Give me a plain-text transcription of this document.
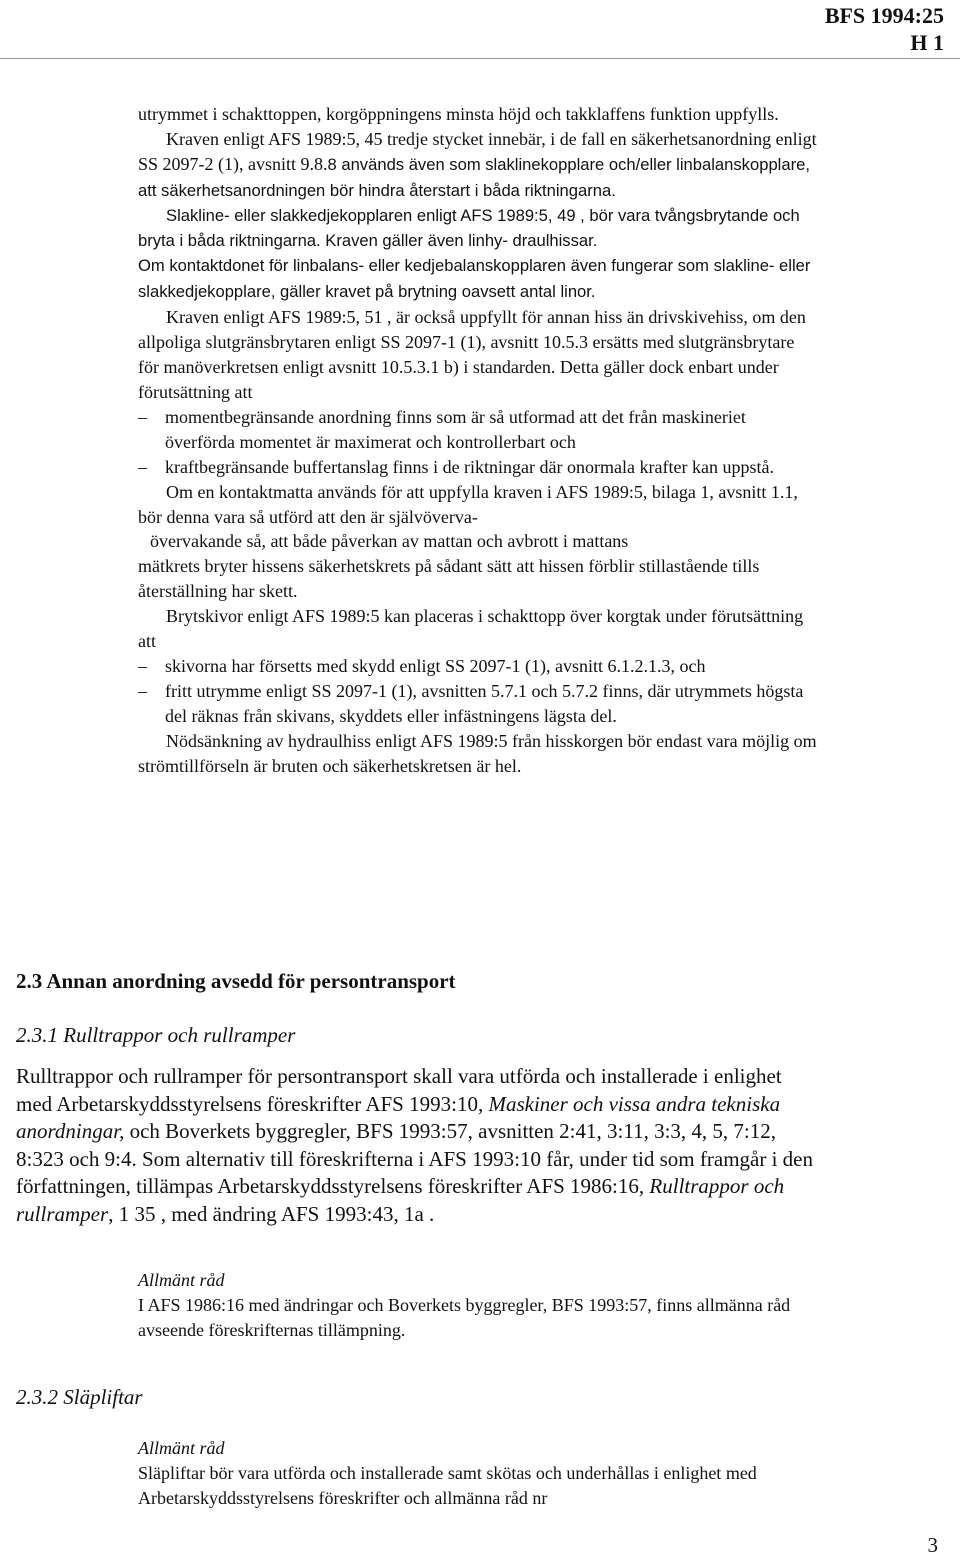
BFS 1994:25
H 1

utrymmet i schakttoppen, korgöppningens minsta höjd och takklaffens funktion uppfylls.

Kraven enligt AFS 1989:5, 45 tredje stycket innebär, i de fall en säkerhetsanordning enligt SS 2097-2 (1), avsnitt 9.8.8 används även som slaklinekopplare och/eller linbalanskopplare, att säkerhetsanordningen bör hindra återstart i båda riktningarna.

Slakline- eller slakkedjekopplaren enligt AFS 1989:5, 49 , bör vara tvångsbrytande och bryta i båda riktningarna. Kraven gäller även linhy- draulhissar.

Om kontaktdonet för linbalans- eller kedjebalanskopplaren även fungerar som slakline- eller slakkedjekopplare, gäller kravet på brytning oavsett antal linor.

Kraven enligt AFS 1989:5, 51 , är också uppfyllt för annan hiss än drivskivehiss, om den allpoliga slutgränsbrytaren enligt SS 2097-1 (1), avsnitt 10.5.3 ersätts med slutgränsbrytare för manöverkretsen enligt avsnitt 10.5.3.1 b) i standarden. Detta gäller dock enbart under förutsättning att

– momentbegränsande anordning finns som är så utformad att det från maskineriet överförda momentet är maximerat och kontrollerbart och

– kraftbegränsande buffertanslag finns i de riktningar där onormala krafter kan uppstå.

Om en kontaktmatta används för att uppfylla kraven i AFS 1989:5, bilaga 1, avsnitt 1.1, bör denna vara så utförd att den är självöverva-

övervakande så, att både påverkan av mattan och avbrott i mattans

mätkrets bryter hissens säkerhetskrets på sådant sätt att hissen förblir stillastående tills återställning har skett.

Brytskivor enligt AFS 1989:5 kan placeras i schakttopp över korgtak under förutsättning att

– skivorna har försetts med skydd enligt SS 2097-1 (1), avsnitt 6.1.2.1.3, och

– fritt utrymme enligt SS 2097-1 (1), avsnitten 5.7.1 och 5.7.2 finns, där utrymmets högsta del räknas från skivans, skyddets eller infästningens lägsta del.

Nödsänkning av hydraulhiss enligt AFS 1989:5 från hisskorgen bör endast vara möjlig om strömtillförseln är bruten och säkerhetskretsen är hel.

2.3 Annan anordning avsedd för persontransport
2.3.1 Rulltrappor och rullramper

Rulltrappor och rullramper för persontransport skall vara utförda och installerade i enlighet med Arbetarskyddsstyrelsens föreskrifter AFS 1993:10, Maskiner och vissa andra tekniska anordningar, och Boverkets byggregler, BFS 1993:57, avsnitten 2:41, 3:11, 3:3, 4, 5, 7:12, 8:323 och 9:4. Som alternativ till föreskrifterna i AFS 1993:10 får, under tid som framgår i den författningen, tillämpas Arbetarskyddsstyrelsens föreskrifter AFS 1986:16, Rulltrappor och rullramper, 1 35 , med ändring AFS 1993:43, 1a .

Allmänt råd

I AFS 1986:16 med ändringar och Boverkets byggregler, BFS 1993:57, finns allmänna råd avseende föreskrifternas tillämpning.

2.3.2 Släpliftar

Allmänt råd

Släpliftar bör vara utförda och installerade samt skötas och underhållas i enlighet med Arbetarskyddsstyrelsens föreskrifter och allmänna råd nr

3
